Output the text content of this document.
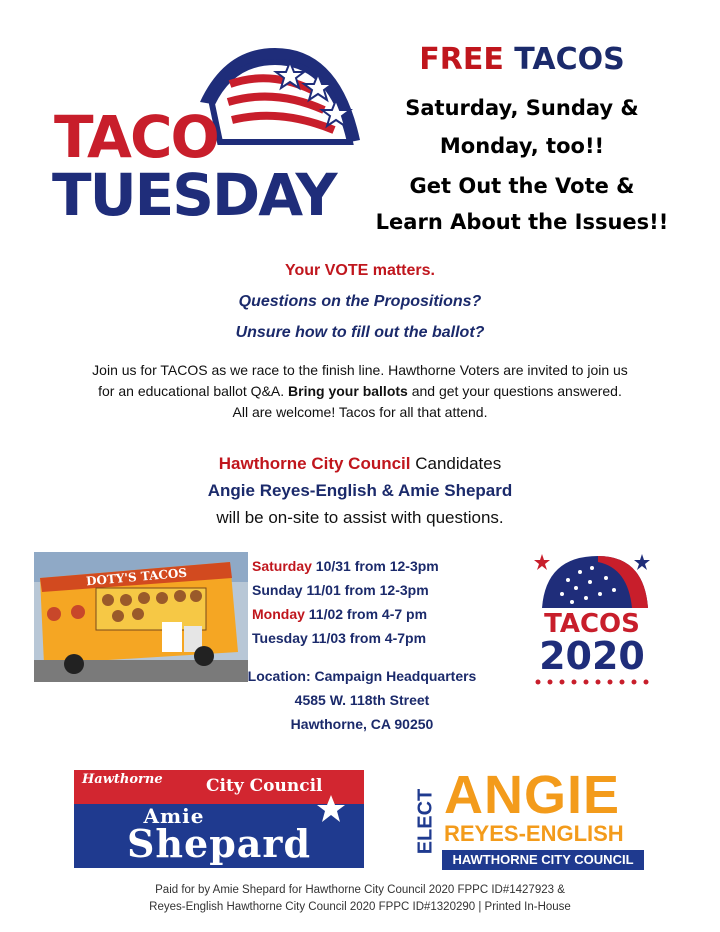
TACO
TUESDAY
FREE TACOS
Saturday, Sunday &
Monday, too!!
Get Out the Vote &
Learn About the Issues!!
Your VOTE matters.
Questions on the Propositions?
Unsure how to fill out the ballot?
Join us for TACOS as we race to the finish line. Hawthorne Voters are invited to join us
for an educational ballot Q&A. Bring your ballots and get your questions answered.
All are welcome! Tacos for all that attend.
Hawthorne City Council Candidates
Angie Reyes-English & Amie Shepard
will be on-site to assist with questions.
DOTY'S TACOS	Saturday 10/31 from 12-3pm
Sunday 11/01 from 12-3pm
Monday 11/02 from 4-7 pm
Tuesday 11/03 from 4-7pm
Location: Campaign Headquarters
4585 W. 118th Street
Hawthorne, CA 90250
TACOS
2020
Hawthorne	City Council
Amie
Shepard	ELECT ANGIE
REYES-ENGLISH
HAWTHORNE CITY COUNCIL
Paid for by Amie Shepard for Hawthorne City Council 2020 FPPC ID#1427923 &
Reyes-English Hawthorne City Council 2020 FPPC ID#1320290 | Printed In-House
